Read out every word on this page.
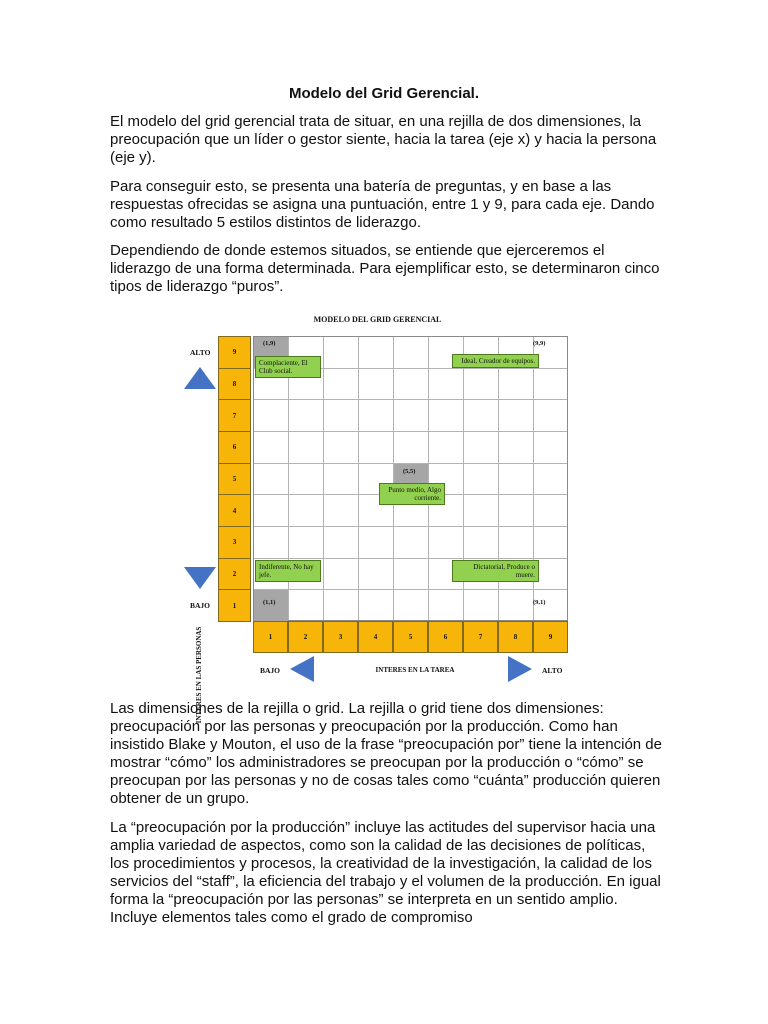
Modelo del Grid Gerencial.

El modelo del grid gerencial trata de situar, en una rejilla de dos dimensiones, la preocupación que un líder o gestor siente, hacia la tarea (eje x) y hacia la persona (eje y).

Para conseguir esto, se presenta una batería de preguntas, y en base a las respuestas ofrecidas se asigna una puntuación, entre 1 y 9, para cada eje. Dando como resultado 5 estilos distintos de liderazgo.

Dependiendo de donde estemos situados, se entiende que ejerceremos el liderazgo de una forma determinada. Para ejemplificar esto, se determinaron cinco tipos de liderazgo “puros”.

MODELO DEL GRID GERENCIAL
ALTO
BAJO
INTERES EN LAS PERSONAS
9
8
7
6
5
4
3
2
1
(1,9)
Complaciente, El Club social.
(9,9)
Ideal, Creador de equipos.
(5,5)
Punto medio, Algo corriente.
(1,1)
Indiferente, No hay jefe.
(9,1)
Dictatorial, Produce o muere.
1	2	3	4	5	6	7	8	9
BAJO	ALTO
INTERES EN LA TAREA

Las dimensiones de la rejilla o grid. La rejilla o grid tiene dos dimensiones: preocupación por las personas y preocupación por la producción. Como han insistido Blake y Mouton, el uso de la frase “preocupación por” tiene la intención de mostrar “cómo” los administradores se preocupan por la producción o “cómo” se preocupan por las personas y no de cosas tales como “cuánta” producción quieren obtener de un grupo.

La “preocupación por la producción” incluye las actitudes del supervisor hacia una amplia variedad de aspectos, como son la calidad de las decisiones de políticas, los procedimientos y procesos, la creatividad de la investigación, la calidad de los servicios del “staff”, la eficiencia del trabajo y el volumen de la producción. En igual forma la “preocupación por las personas” se interpreta en un sentido amplio. Incluye elementos tales como el grado de compromiso
